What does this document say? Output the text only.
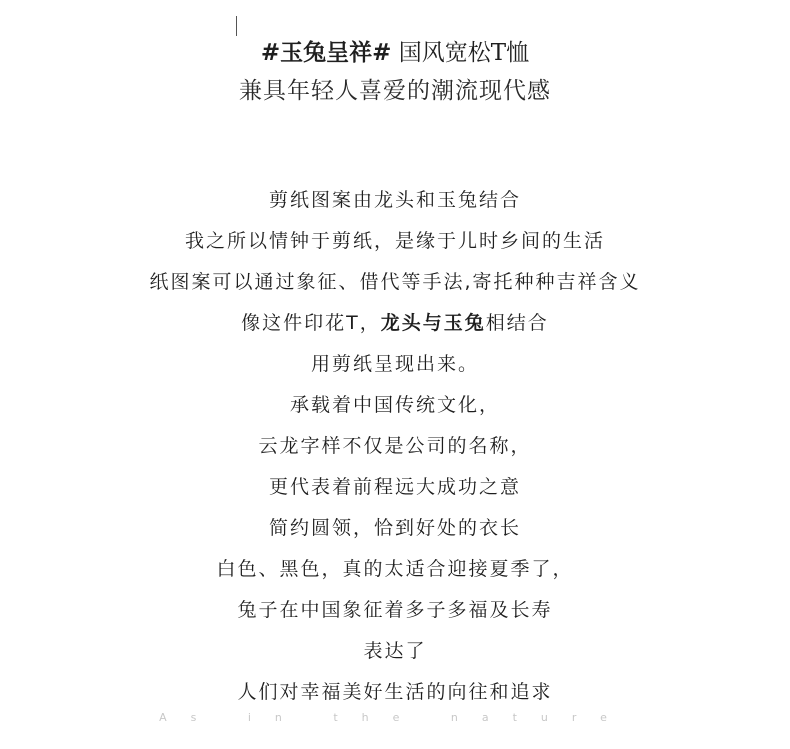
#玉兔呈祥# 国风宽松T恤
兼具年轻人喜爱的潮流现代感
剪纸图案由龙头和玉兔结合
我之所以情钟于剪纸，是缘于儿时乡间的生活
纸图案可以通过象征、借代等手法,寄托种种吉祥含义
像这件印花T，龙头与玉兔相结合
用剪纸呈现出来。
承载着中国传统文化，
云龙字样不仅是公司的名称，
更代表着前程远大成功之意
简约圆领，恰到好处的衣长
白色、黑色，真的太适合迎接夏季了，
兔子在中国象征着多子多福及长寿
表达了
人们对幸福美好生活的向往和追求
As in the nature
